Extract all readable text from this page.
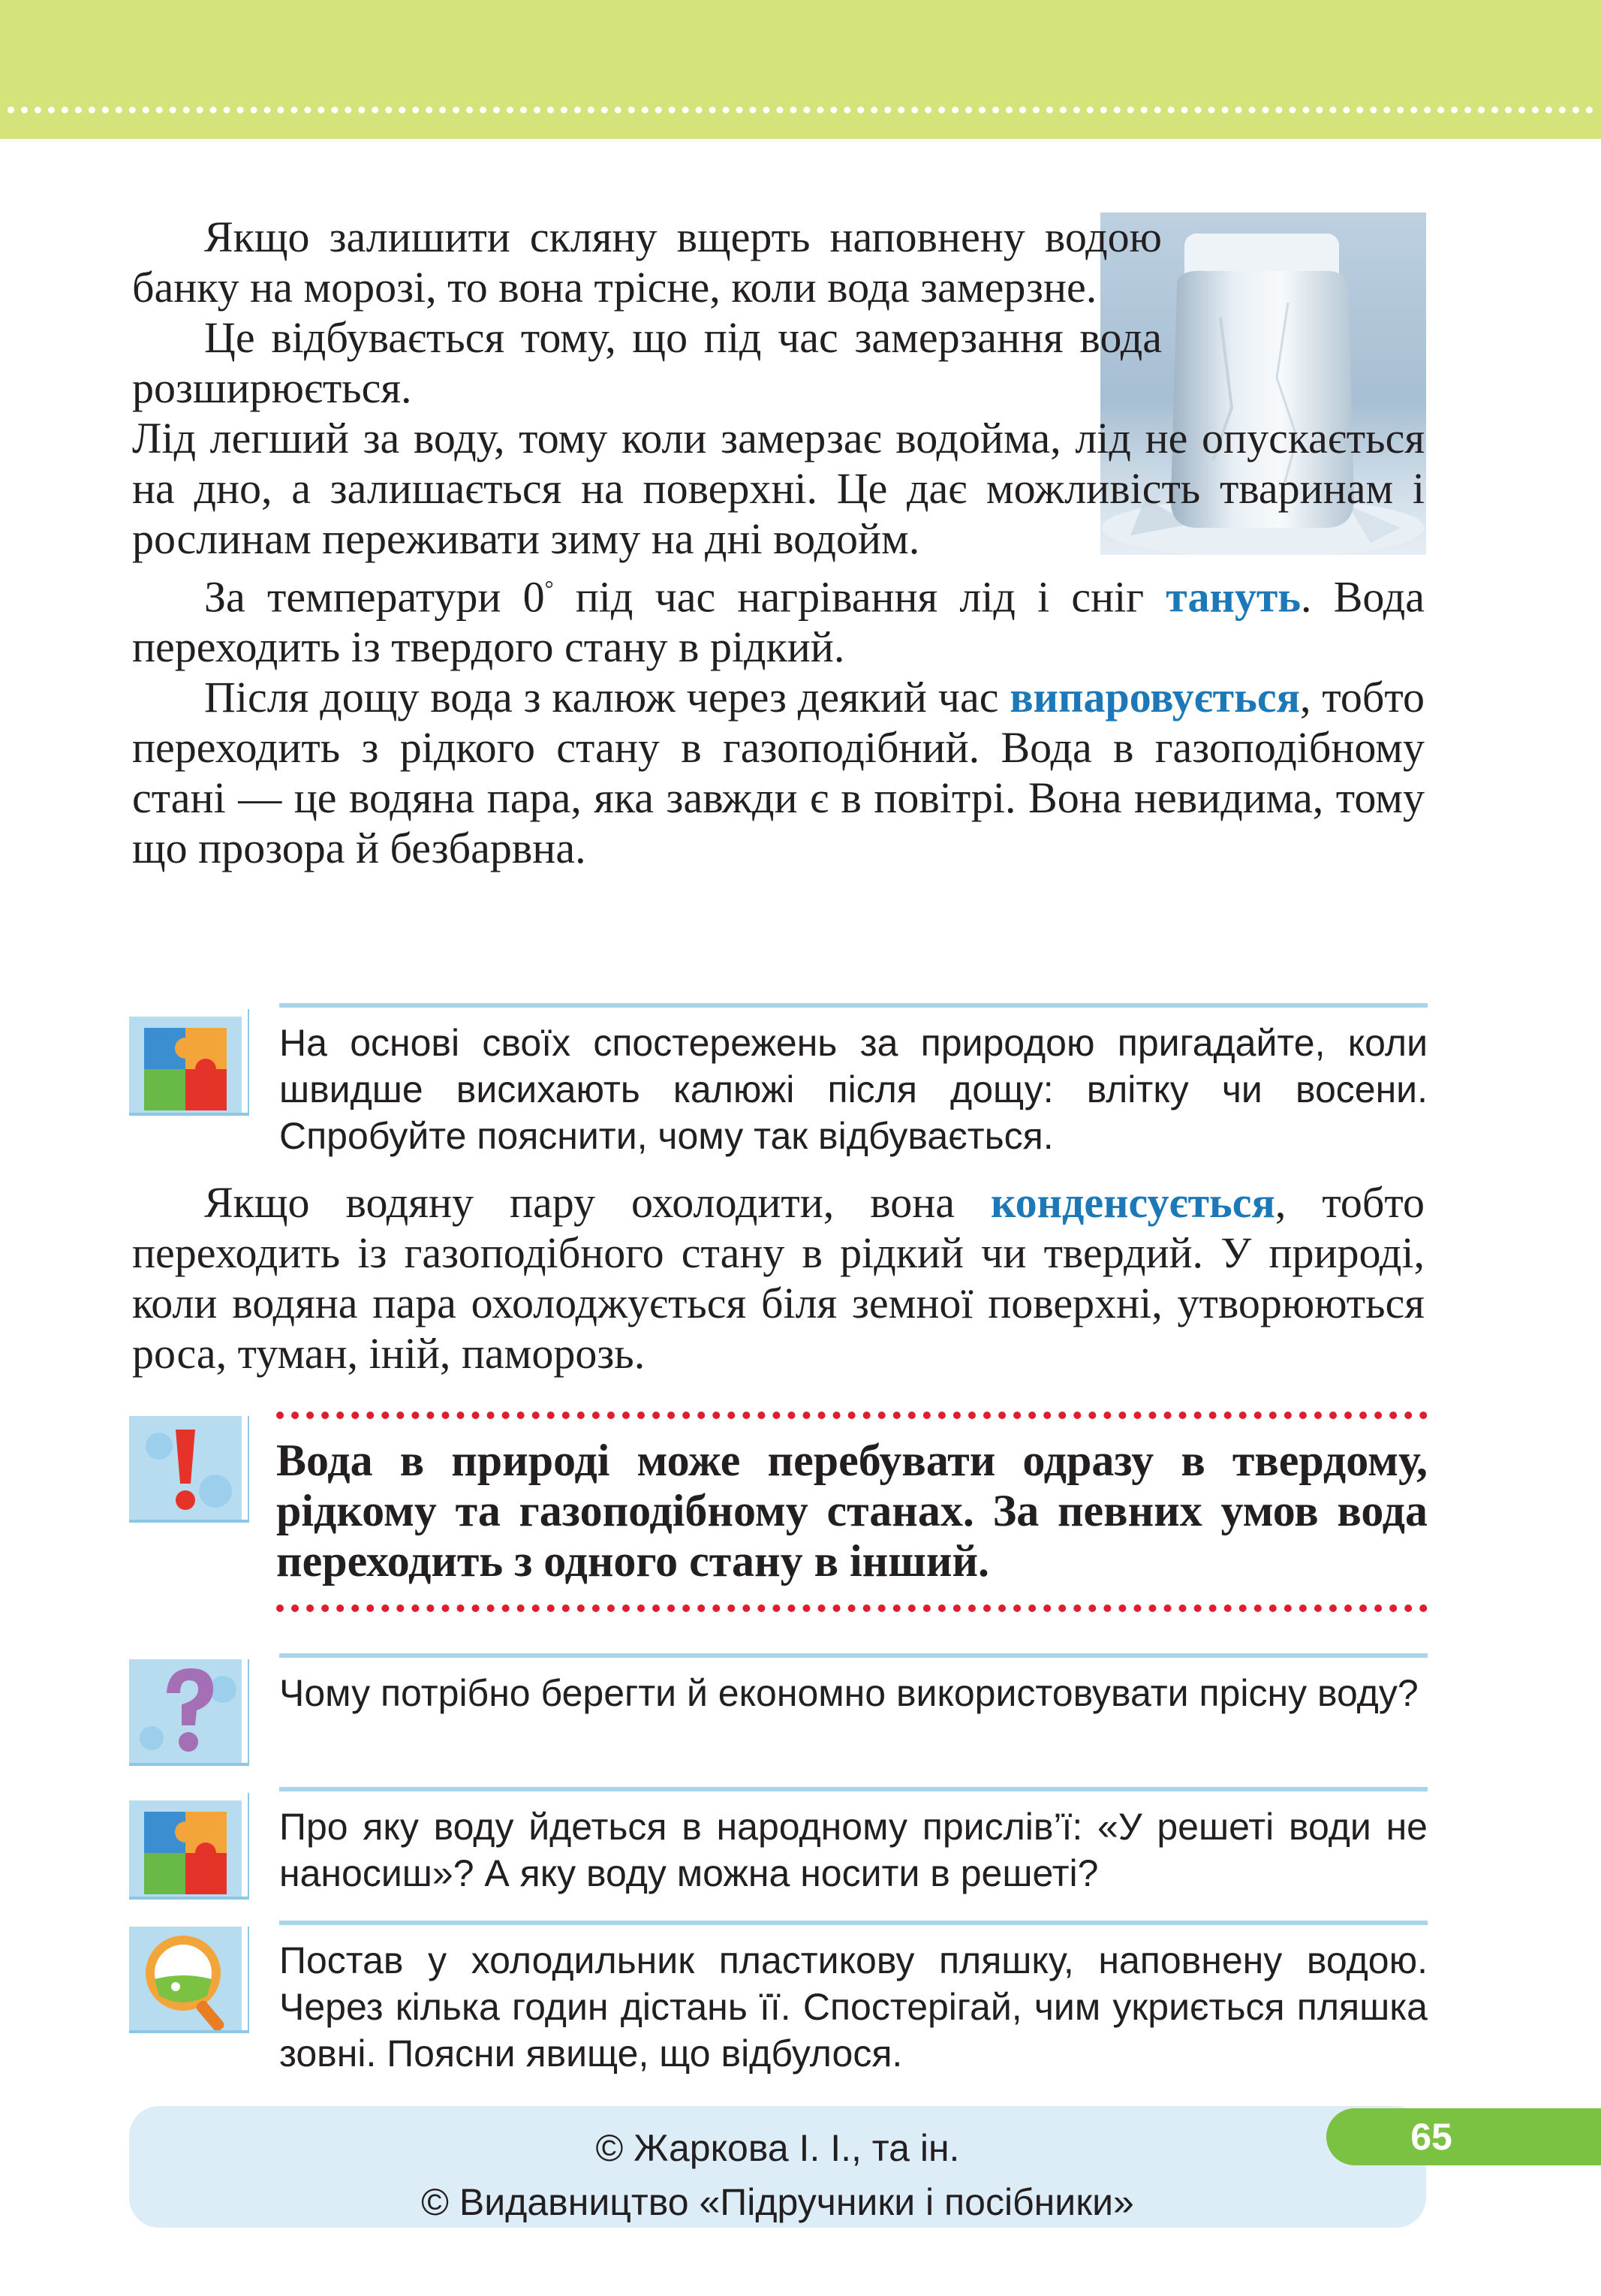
Якщо залишити скляну вщерть наповнену водою банку на морозі, то вона трісне, коли вода замерзне.

Це відбувається тому, що під час замерзання вода розширюється.

Лід легший за воду, тому коли замерзає водойма, лід не опускається на дно, а залишається на поверхні. Це дає можливість тваринам і рослинам переживати зиму на дні водойм.

За температури 0° під час нагрівання лід і сніг тануть. Вода переходить із твердого стану в рідкий.

Після дощу вода з калюж через деякий час випаровується, тобто переходить з рідкого стану в газоподібний. Вода в газоподібному стані — це водяна пара, яка завжди є в повітрі. Вона невидима, тому що прозора й безбарвна.

На основі своїх спостережень за природою пригадайте, коли швидше висихають калюжі після дощу: влітку чи восени. Спробуйте пояснити, чому так відбувається.

Якщо водяну пару охолодити, вона конденсується, тобто переходить із газоподібного стану в рідкий чи твердий. У природі, коли водяна пара охолоджується біля земної поверхні, утворюються роса, туман, іній, паморозь.

Вода в природі може перебувати одразу в твердому, рідкому та газоподібному станах. За певних умов вода переходить з одного стану в інший.

Чому потрібно берегти й економно використовувати прісну воду?

Про яку воду йдеться в народному прислів’ї: «У решеті води не наносиш»? А яку воду можна носити в решеті?

Постав у холодильник пластикову пляшку, наповнену водою. Через кілька годин дістань її. Спостерігай, чим укриється пляшка зовні. Поясни явище, що відбулося.

© Жаркова І. І., та ін.
© Видавництво «Підручники і посібники»
65
